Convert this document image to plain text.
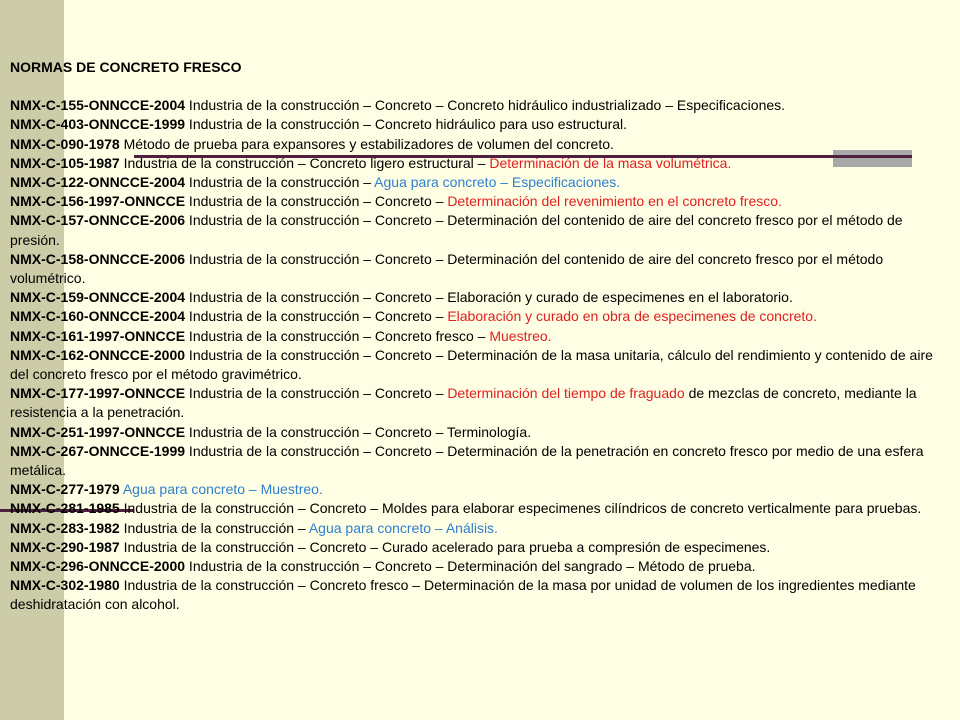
NORMAS DE CONCRETO FRESCO

NMX-C-155-ONNCCE-2004 Industria de la construcción – Concreto – Concreto hidráulico industrializado – Especificaciones.

NMX-C-403-ONNCCE-1999 Industria de la construcción – Concreto hidráulico para uso estructural.

NMX-C-090-1978 Método de prueba para expansores y estabilizadores de volumen del concreto.

NMX-C-105-1987 Industria de la construcción – Concreto ligero estructural – Determinación de la masa volumétrica.

NMX-C-122-ONNCCE-2004 Industria de la construcción – Agua para concreto – Especificaciones.

NMX-C-156-1997-ONNCCE Industria de la construcción – Concreto – Determinación del revenimiento en el concreto fresco.

NMX-C-157-ONNCCE-2006 Industria de la construcción – Concreto – Determinación del contenido de aire del concreto fresco por el método de presión.

NMX-C-158-ONNCCE-2006 Industria de la construcción – Concreto – Determinación del contenido de aire del concreto fresco por el método volumétrico.

NMX-C-159-ONNCCE-2004 Industria de la construcción – Concreto – Elaboración y curado de especimenes en el laboratorio.

NMX-C-160-ONNCCE-2004 Industria de la construcción – Concreto – Elaboración y curado en obra de especimenes de concreto.

NMX-C-161-1997-ONNCCE Industria de la construcción – Concreto fresco – Muestreo.

NMX-C-162-ONNCCE-2000 Industria de la construcción – Concreto – Determinación de la masa unitaria, cálculo del rendimiento y contenido de aire del concreto fresco por el método gravimétrico.

NMX-C-177-1997-ONNCCE Industria de la construcción – Concreto – Determinación del tiempo de fraguado de mezclas de concreto, mediante la resistencia a la penetración.

NMX-C-251-1997-ONNCCE Industria de la construcción – Concreto – Terminología.

NMX-C-267-ONNCCE-1999 Industria de la construcción – Concreto – Determinación de la penetración en concreto fresco por medio de una esfera metálica.

NMX-C-277-1979 Agua para concreto – Muestreo.

NMX-C-281-1985 Industria de la construcción – Concreto – Moldes para elaborar especimenes cilíndricos de concreto verticalmente para pruebas.

NMX-C-283-1982 Industria de la construcción – Agua para concreto – Análisis.

NMX-C-290-1987 Industria de la construcción – Concreto – Curado acelerado para prueba a compresión de especimenes.

NMX-C-296-ONNCCE-2000 Industria de la construcción – Concreto – Determinación del sangrado – Método de prueba.

NMX-C-302-1980 Industria de la construcción – Concreto fresco – Determinación de la masa por unidad de volumen de los ingredientes mediante deshidratación con alcohol.
